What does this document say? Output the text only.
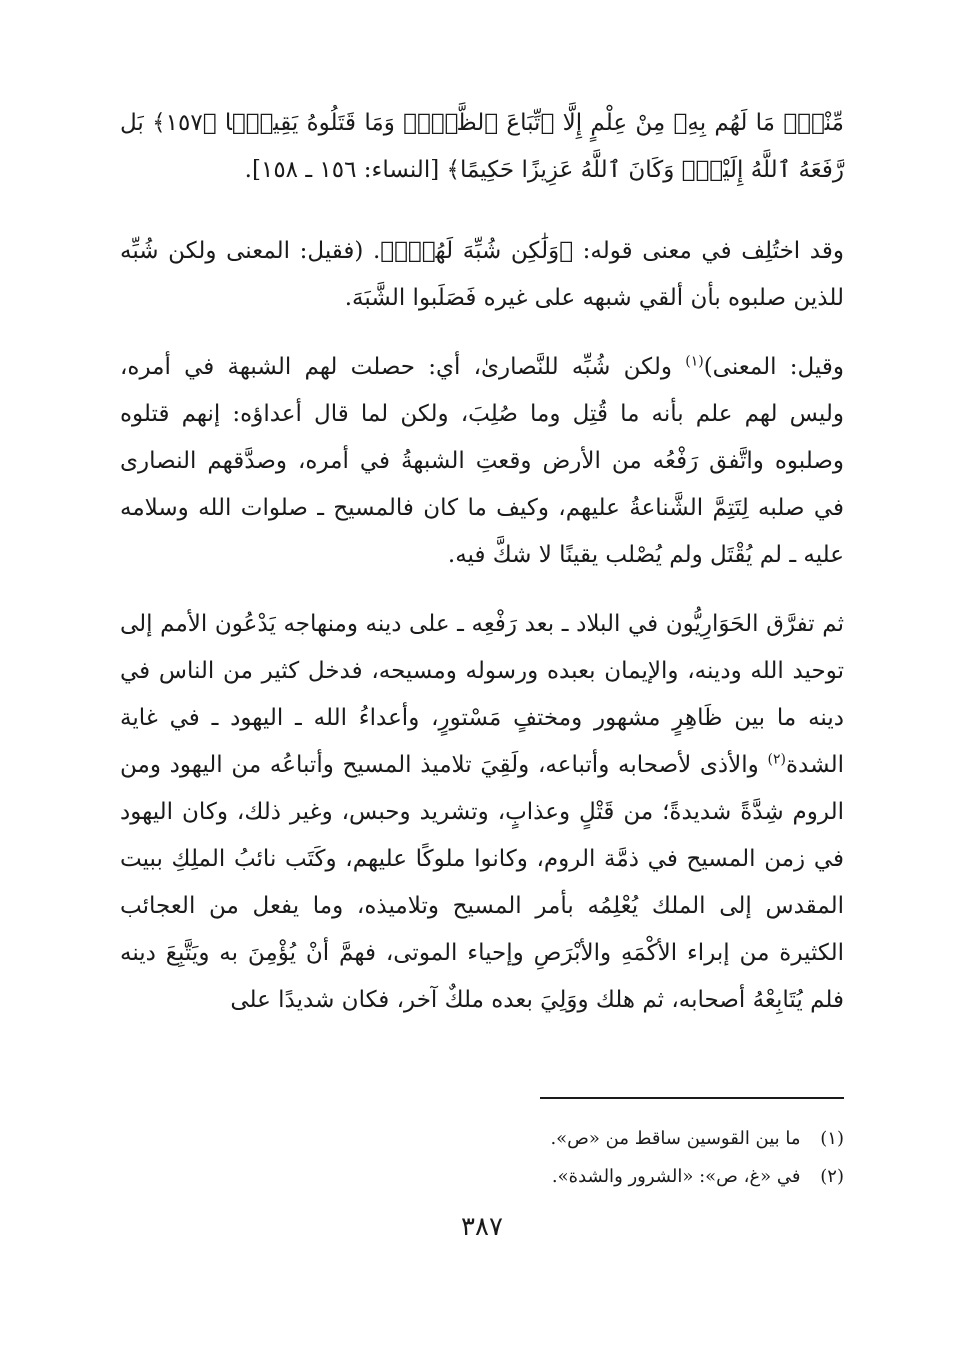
مِّنْهُۚ مَا لَهُم بِهِۦ مِنْ عِلْمٍ إِلَّا ٱتِّبَاعَ ٱلظَّنِّۚ وَمَا قَتَلُوهُ يَقِينًۢا ﴿١٥٧﴾ بَل رَّفَعَهُ ٱللَّهُ إِلَيْهِۚ وَكَانَ ٱللَّهُ عَزِيزًا حَكِيمًا﴾ [النساء: ١٥٦ ـ ١٥٨].

وقد اختُلِف في معنى قوله: ﴿وَلَٰكِن شُبِّهَ لَهُمْۚ﴾. (فقيل: المعنى ولكن شُبِّه للذين صلبوه بأن ألقي شبهه على غيره فَصَلَبوا الشَّبَهَ.

وقيل: المعنى)$^{(١)}$ ولكن شُبِّه للنَّصارىٰ، أي: حصلت لهم الشبهة في أمره، وليس لهم علم بأنه ما قُتِل وما صُلِبَ، ولكن لما قال أعداؤه: إنهم قتلوه وصلبوه واتَّفق رَفْعُه من الأرض وقعتِ الشبهةُ في أمره، وصدَّقهم النصارى في صلبه لِتَتِمَّ الشَّناعةُ عليهم، وكيف ما كان فالمسيح ـ صلوات الله وسلامه عليه ـ لم يُقْتَل ولم يُصْلب يقينًا لا شكَّ فيه.

ثم تفرَّق الحَوَارِيُّون في البلاد ـ بعد رَفْعِه ـ على دينه ومنهاجه يَدْعُون الأمم إلى توحيد الله ودينه، والإيمان بعبده ورسوله ومسيحه، فدخل كثير من الناس في دينه ما بين ظَاهِرٍ مشهور ومختفٍ مَسْتورٍ، وأعداءُ الله ـ اليهود ـ في غاية الشدة$^{(٢)}$ والأذى لأصحابه وأتباعه، ولَقِيَ تلاميذ المسيح وأتباعُه من اليهود ومن الروم شِدَّةً شديدةً؛ من قَتْلٍ وعذابٍ، وتشريد وحبس، وغير ذلك، وكان اليهود في زمن المسيح في ذمَّة الروم، وكانوا ملوكًا عليهم، وكَتَب نائبُ الملِكِ ببيت المقدس إلى الملك يُعْلِمُه بأمر المسيح وتلاميذه، وما يفعل من العجائب الكثيرة من إبراء الأكْمَهِ والأبْرَصِ وإحياء الموتى، فهمَّ أنْ يُؤْمِنَ به ويَتَّبِعَ دينه فلم يُتَابِعْهُ أصحابه، ثم هلك ووَلِيَ بعده ملكٌ آخر، فكان شديدًا على

(١) ما بين القوسين ساقط من «ص».
(٢) في «غ، ص»: «الشرور والشدة».
٣٨٧
